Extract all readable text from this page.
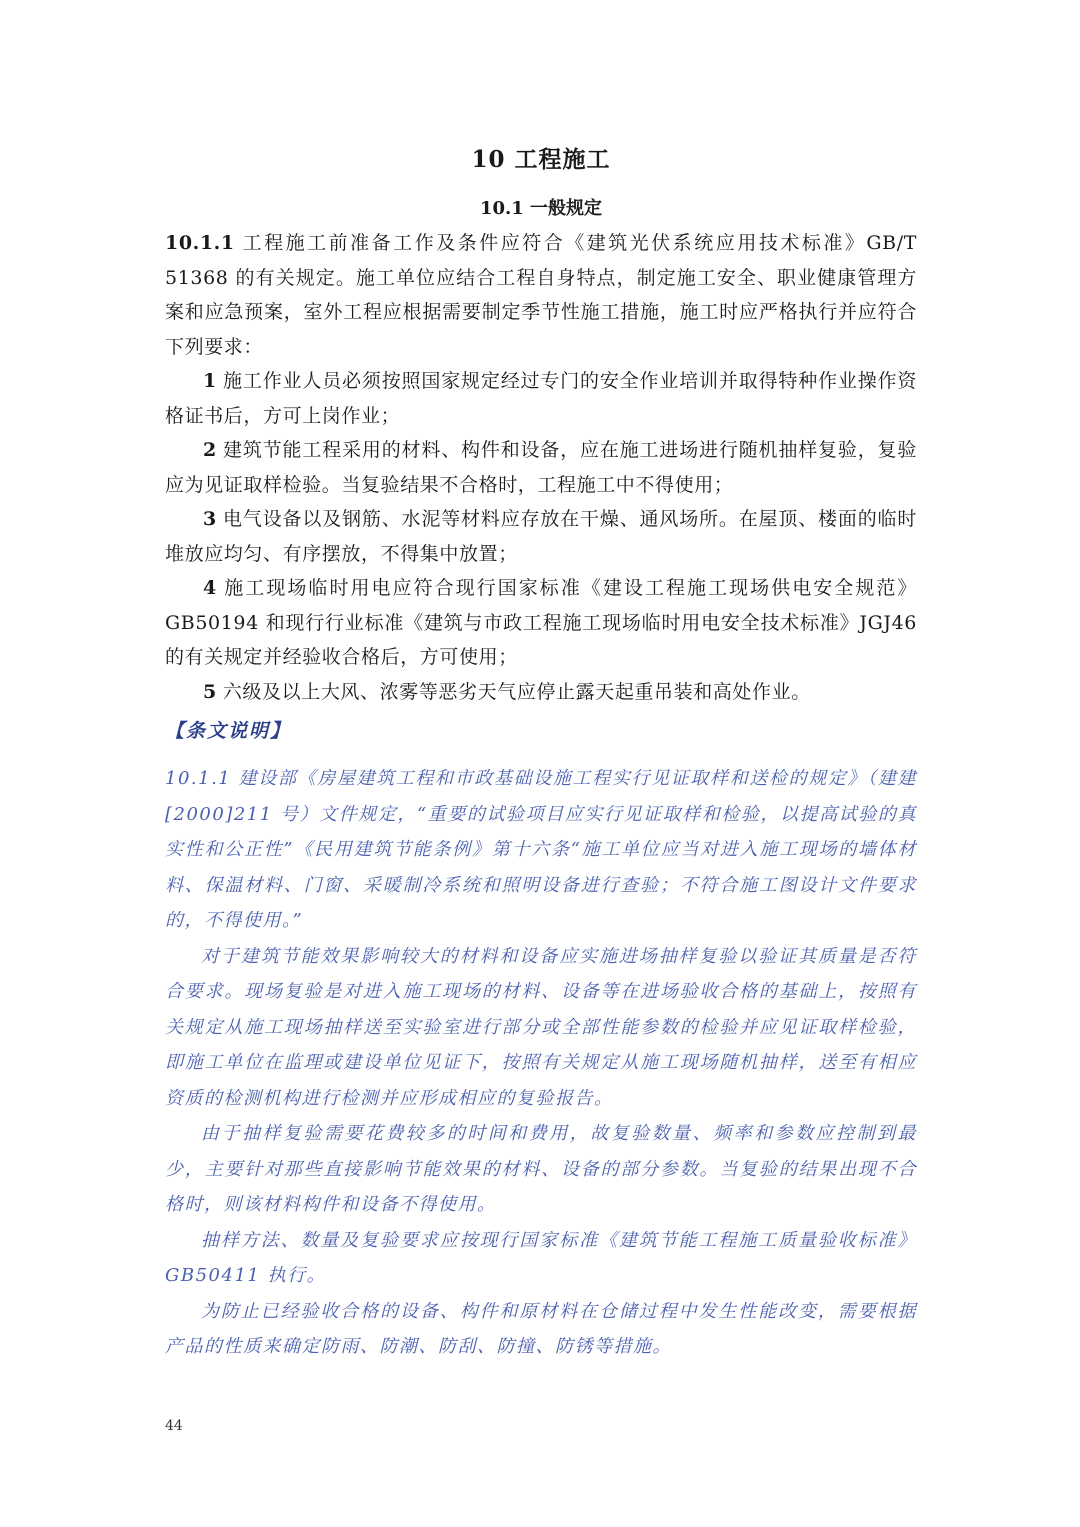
10 工程施工
10.1 一般规定

10.1.1 工程施工前准备工作及条件应符合《建筑光伏系统应用技术标准》GB/T 51368 的有关规定。施工单位应结合工程自身特点，制定施工安全、职业健康管理方案和应急预案，室外工程应根据需要制定季节性施工措施，施工时应严格执行并应符合下列要求：

1 施工作业人员必须按照国家规定经过专门的安全作业培训并取得特种作业操作资格证书后，方可上岗作业；

2 建筑节能工程采用的材料、构件和设备，应在施工进场进行随机抽样复验，复验应为见证取样检验。当复验结果不合格时，工程施工中不得使用；

3 电气设备以及钢筋、水泥等材料应存放在干燥、通风场所。在屋顶、楼面的临时堆放应均匀、有序摆放，不得集中放置；

4 施工现场临时用电应符合现行国家标准《建设工程施工现场供电安全规范》GB50194 和现行行业标准《建筑与市政工程施工现场临时用电安全技术标准》JGJ46 的有关规定并经验收合格后，方可使用；

5 六级及以上大风、浓雾等恶劣天气应停止露天起重吊装和高处作业。

【条文说明】

10.1.1 建设部《房屋建筑工程和市政基础设施工程实行见证取样和送检的规定》（建建[2000]211 号）文件规定，“重要的试验项目应实行见证取样和检验，以提高试验的真实性和公正性”《民用建筑节能条例》第十六条“施工单位应当对进入施工现场的墙体材料、保温材料、门窗、采暖制冷系统和照明设备进行查验；不符合施工图设计文件要求的，不得使用。”

对于建筑节能效果影响较大的材料和设备应实施进场抽样复验以验证其质量是否符合要求。现场复验是对进入施工现场的材料、设备等在进场验收合格的基础上，按照有关规定从施工现场抽样送至实验室进行部分或全部性能参数的检验并应见证取样检验，即施工单位在监理或建设单位见证下，按照有关规定从施工现场随机抽样，送至有相应资质的检测机构进行检测并应形成相应的复验报告。

由于抽样复验需要花费较多的时间和费用，故复验数量、频率和参数应控制到最少，主要针对那些直接影响节能效果的材料、设备的部分参数。当复验的结果出现不合格时，则该材料构件和设备不得使用。

抽样方法、数量及复验要求应按现行国家标准《建筑节能工程施工质量验收标准》GB50411 执行。

为防止已经验收合格的设备、构件和原材料在仓储过程中发生性能改变，需要根据产品的性质来确定防雨、防潮、防刮、防撞、防锈等措施。

44
